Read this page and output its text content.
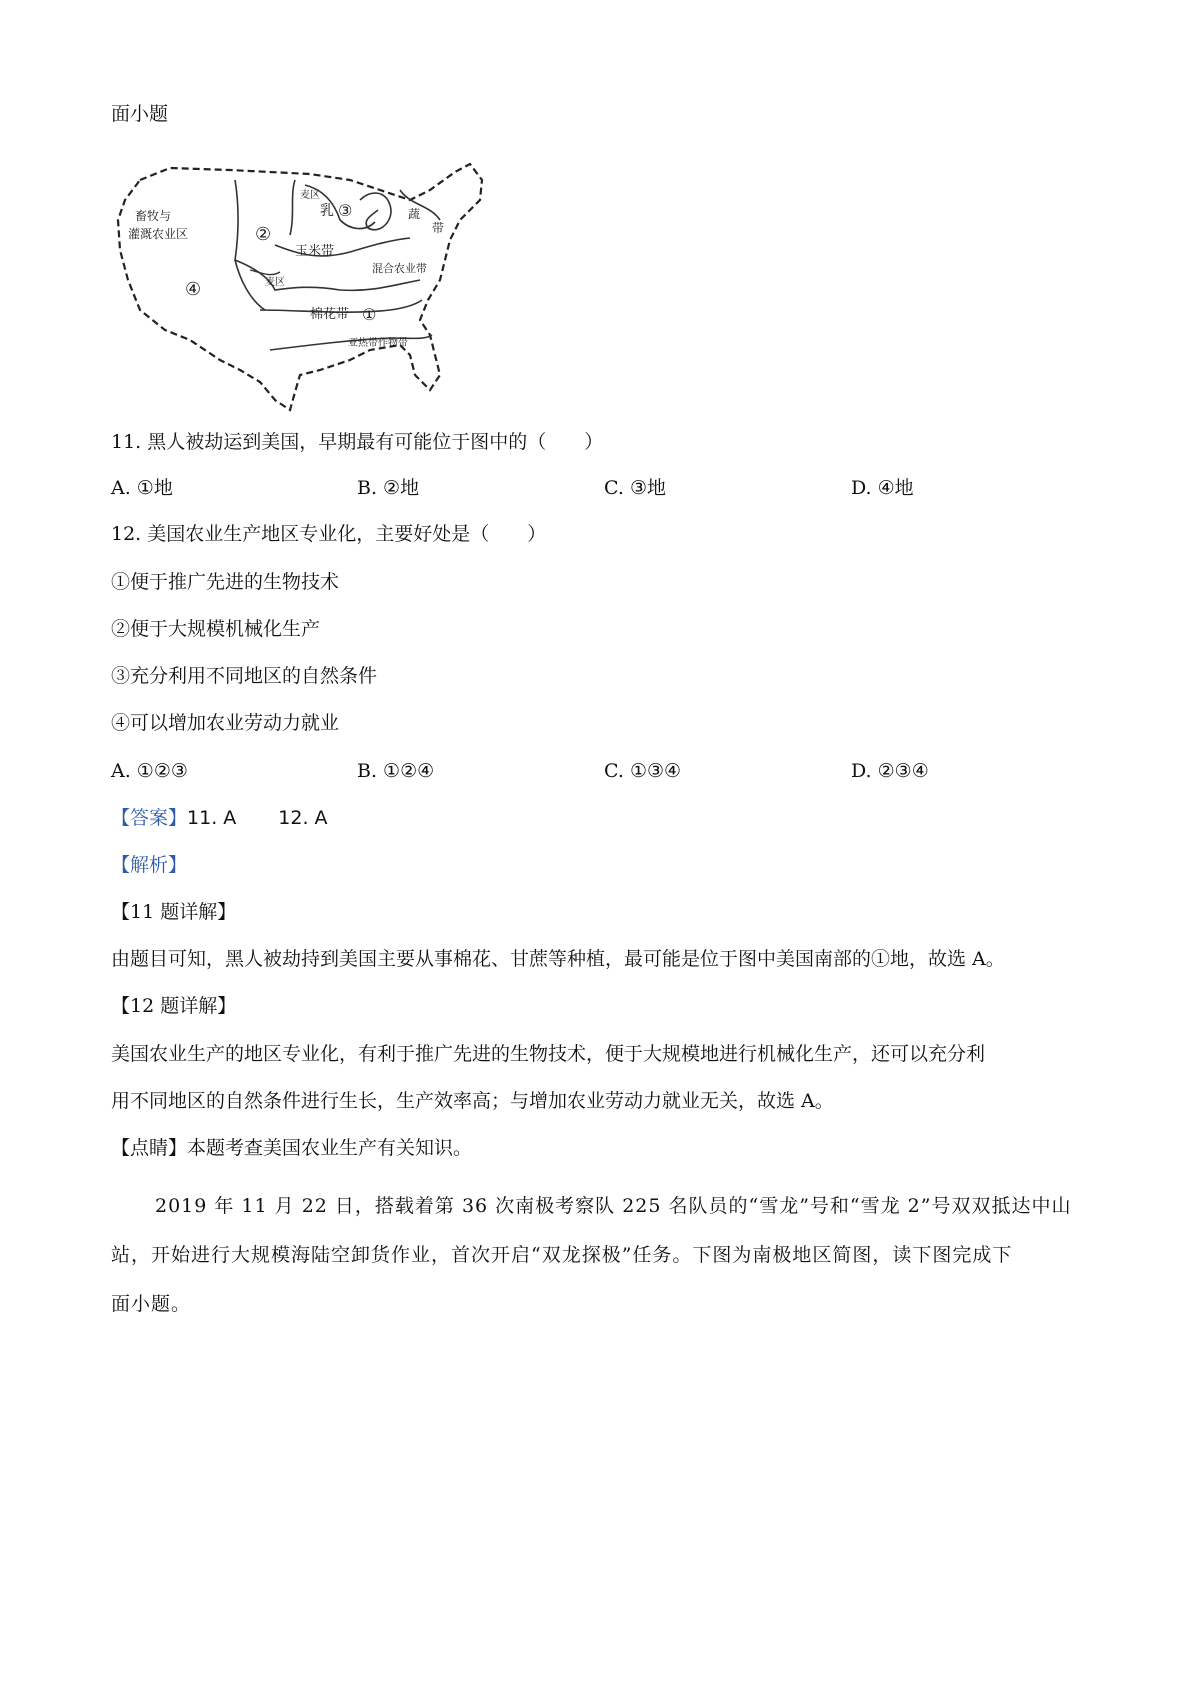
面小题
畜牧与
灌溉农业区
④
②
麦区
乳 ③
玉米带
麦区
混合农业带
蔬
带
棉花带 ①
亚热带作物带
11. 黑人被劫运到美国，早期最有可能位于图中的（　　）
A. ①地	B. ②地	C. ③地	D. ④地
12. 美国农业生产地区专业化，主要好处是（　　）
①便于推广先进的生物技术
②便于大规模机械化生产
③充分利用不同地区的自然条件
④可以增加农业劳动力就业
A. ①②③	B. ①②④	C. ①③④	D. ②③④
【答案】11. A 12. A
【解析】
【11 题详解】
由题目可知，黑人被劫持到美国主要从事棉花、甘蔗等种植，最可能是位于图中美国南部的①地，故选 A。
【12 题详解】
美国农业生产的地区专业化，有利于推广先进的生物技术，便于大规模地进行机械化生产，还可以充分利
用不同地区的自然条件进行生长，生产效率高；与增加农业劳动力就业无关，故选 A。
【点睛】本题考查美国农业生产有关知识。
2019 年 11 月 22 日，搭载着第 36 次南极考察队 225 名队员的“雪龙”号和“雪龙 2”号双双抵达中山
站，开始进行大规模海陆空卸货作业，首次开启“双龙探极”任务。下图为南极地区简图，读下图完成下
面小题。
